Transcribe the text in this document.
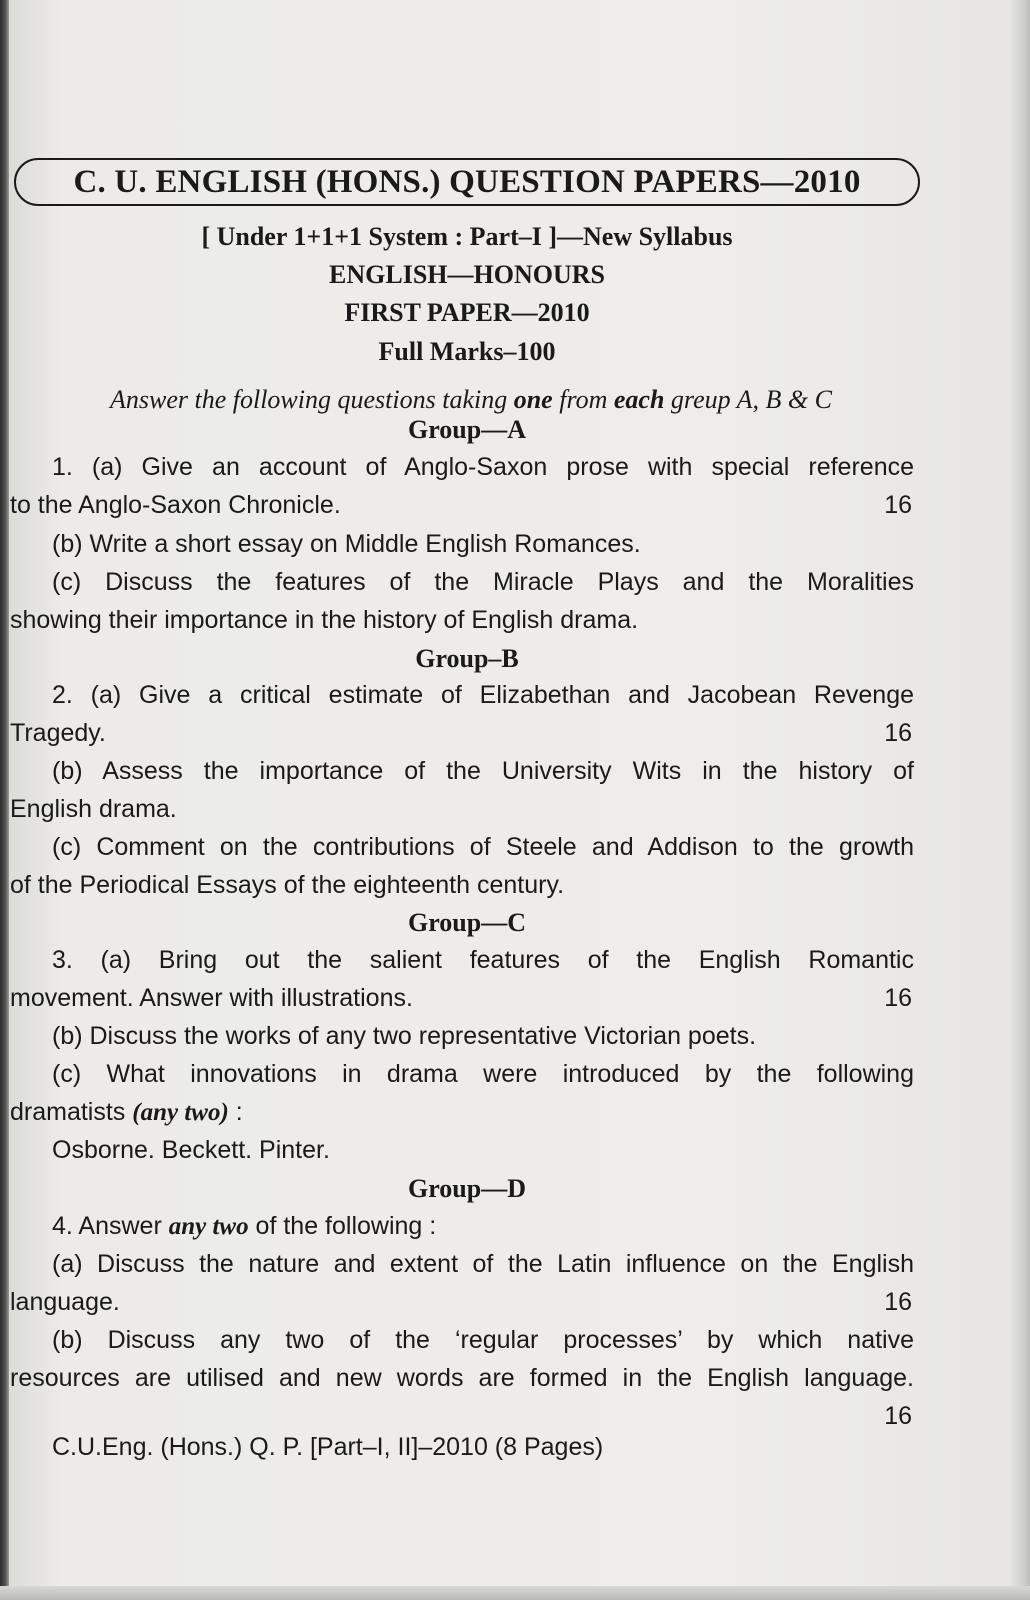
C. U. ENGLISH (HONS.) QUESTION PAPERS—2010
[ Under 1+1+1 System : Part–I ]—New Syllabus
ENGLISH—HONOURS
FIRST PAPER—2010
Full Marks–100
Answer the following questions taking one from each greup A, B & C
Group—A
1. (a) Give an account of Anglo-Saxon prose with special reference
to the Anglo-Saxon Chronicle.	16
(b) Write a short essay on Middle English Romances.
(c) Discuss the features of the Miracle Plays and the Moralities
showing their importance in the history of English drama.
Group–B
2. (a) Give a critical estimate of Elizabethan and Jacobean Revenge
Tragedy.	16
(b) Assess the importance of the University Wits in the history of
English drama.
(c) Comment on the contributions of Steele and Addison to the growth
of the Periodical Essays of the eighteenth century.
Group—C
3. (a) Bring out the salient features of the English Romantic
movement. Answer with illustrations.	16
(b) Discuss the works of any two representative Victorian poets.
(c) What innovations in drama were introduced by the following
dramatists (any two) :
Osborne. Beckett. Pinter.
Group—D
4. Answer any two of the following :
(a) Discuss the nature and extent of the Latin influence on the English
language.	16
(b) Discuss any two of the ‘regular processes’ by which native
resources are utilised and new words are formed in the English language.
16
C.U.Eng. (Hons.) Q. P. [Part–I, II]–2010 (8 Pages)
